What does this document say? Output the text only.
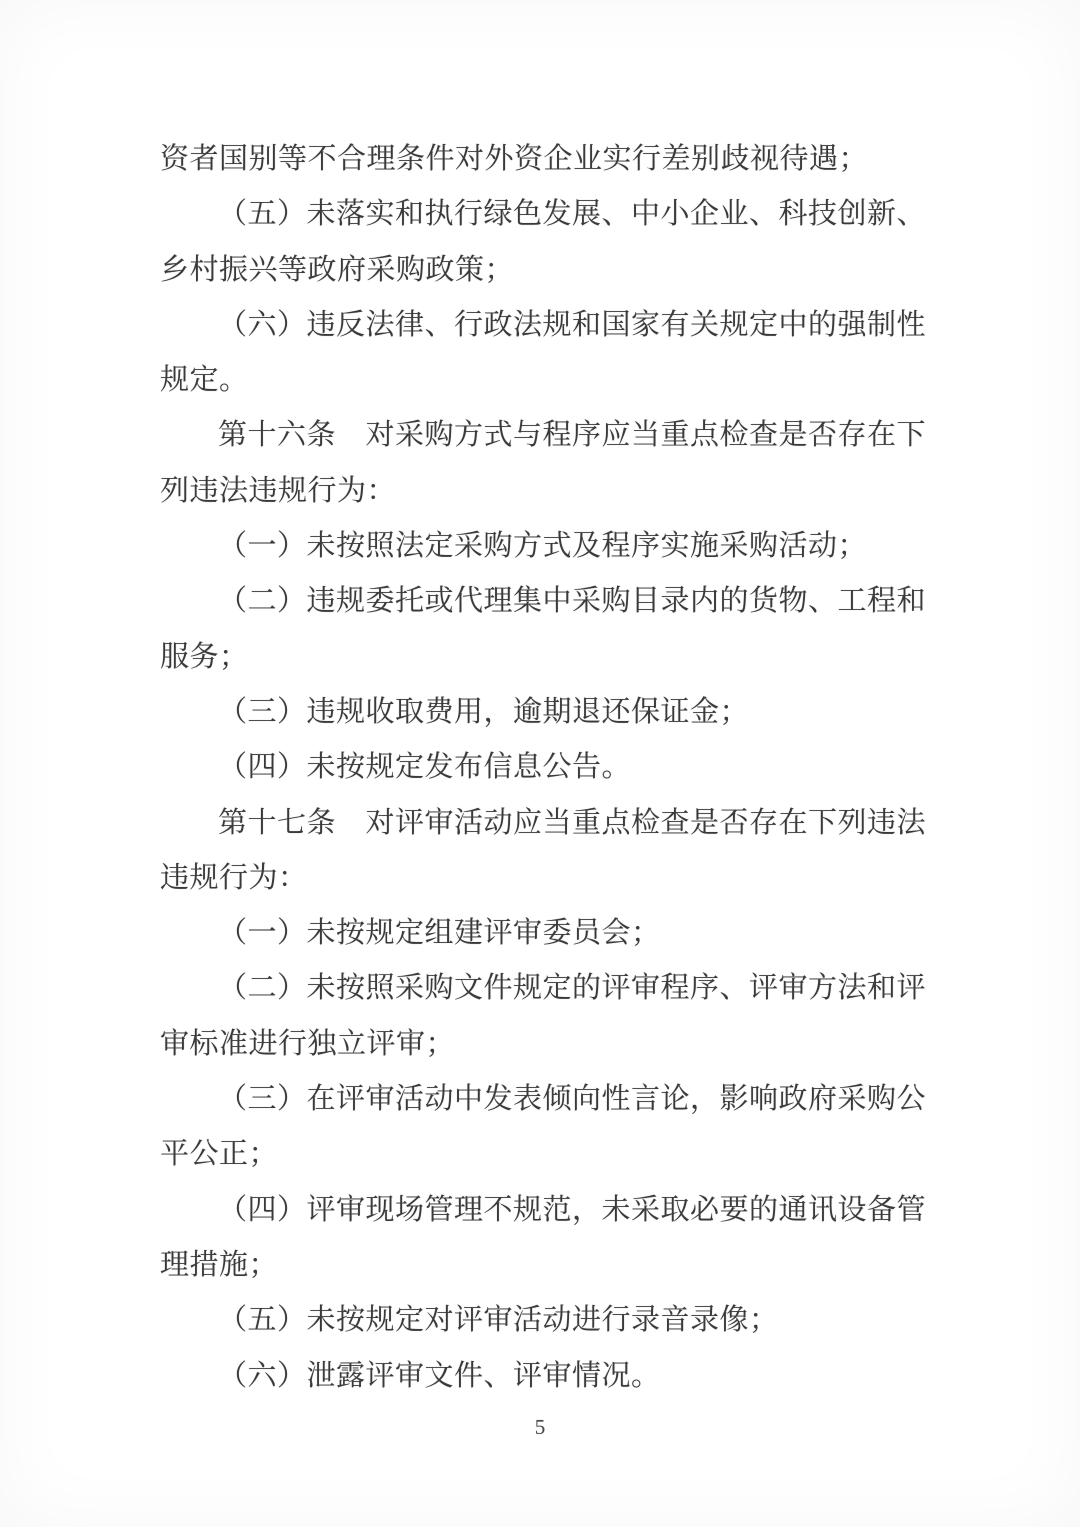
资者国别等不合理条件对外资企业实行差别歧视待遇；
（五）未落实和执行绿色发展、中小企业、科技创新、
乡村振兴等政府采购政策；
（六）违反法律、行政法规和国家有关规定中的强制性
规定。
第十六条　对采购方式与程序应当重点检查是否存在下
列违法违规行为：
（一）未按照法定采购方式及程序实施采购活动；
（二）违规委托或代理集中采购目录内的货物、工程和
服务；
（三）违规收取费用，逾期退还保证金；
（四）未按规定发布信息公告。
第十七条　对评审活动应当重点检查是否存在下列违法
违规行为：
（一）未按规定组建评审委员会；
（二）未按照采购文件规定的评审程序、评审方法和评
审标准进行独立评审；
（三）在评审活动中发表倾向性言论，影响政府采购公
平公正；
（四）评审现场管理不规范，未采取必要的通讯设备管
理措施；
（五）未按规定对评审活动进行录音录像；
（六）泄露评审文件、评审情况。
5
